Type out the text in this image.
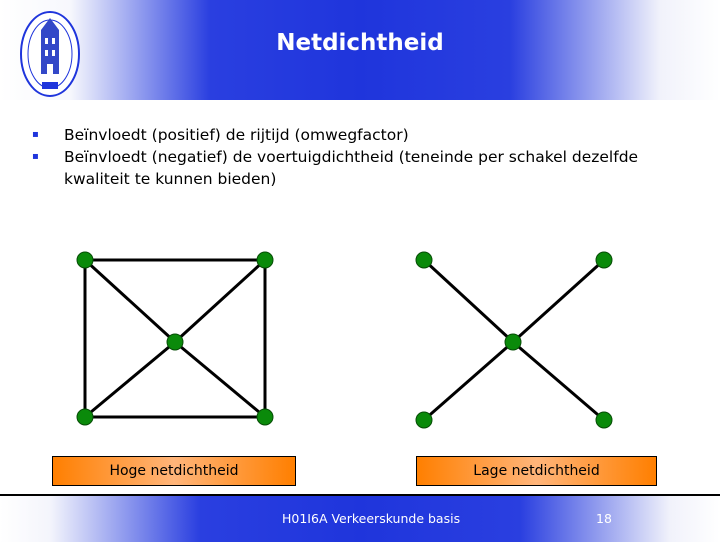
Netdichtheid
▪ Beïnvloedt (positief) de rijtijd (omwegfactor)
▪ Beïnvloedt (negatief) de voertuigdichtheid (teneinde per schakel dezelfde kwaliteit te kunnen bieden)
Hoge netdichtheid	Lage netdichtheid
H01I6A Verkeerskunde basis	18
